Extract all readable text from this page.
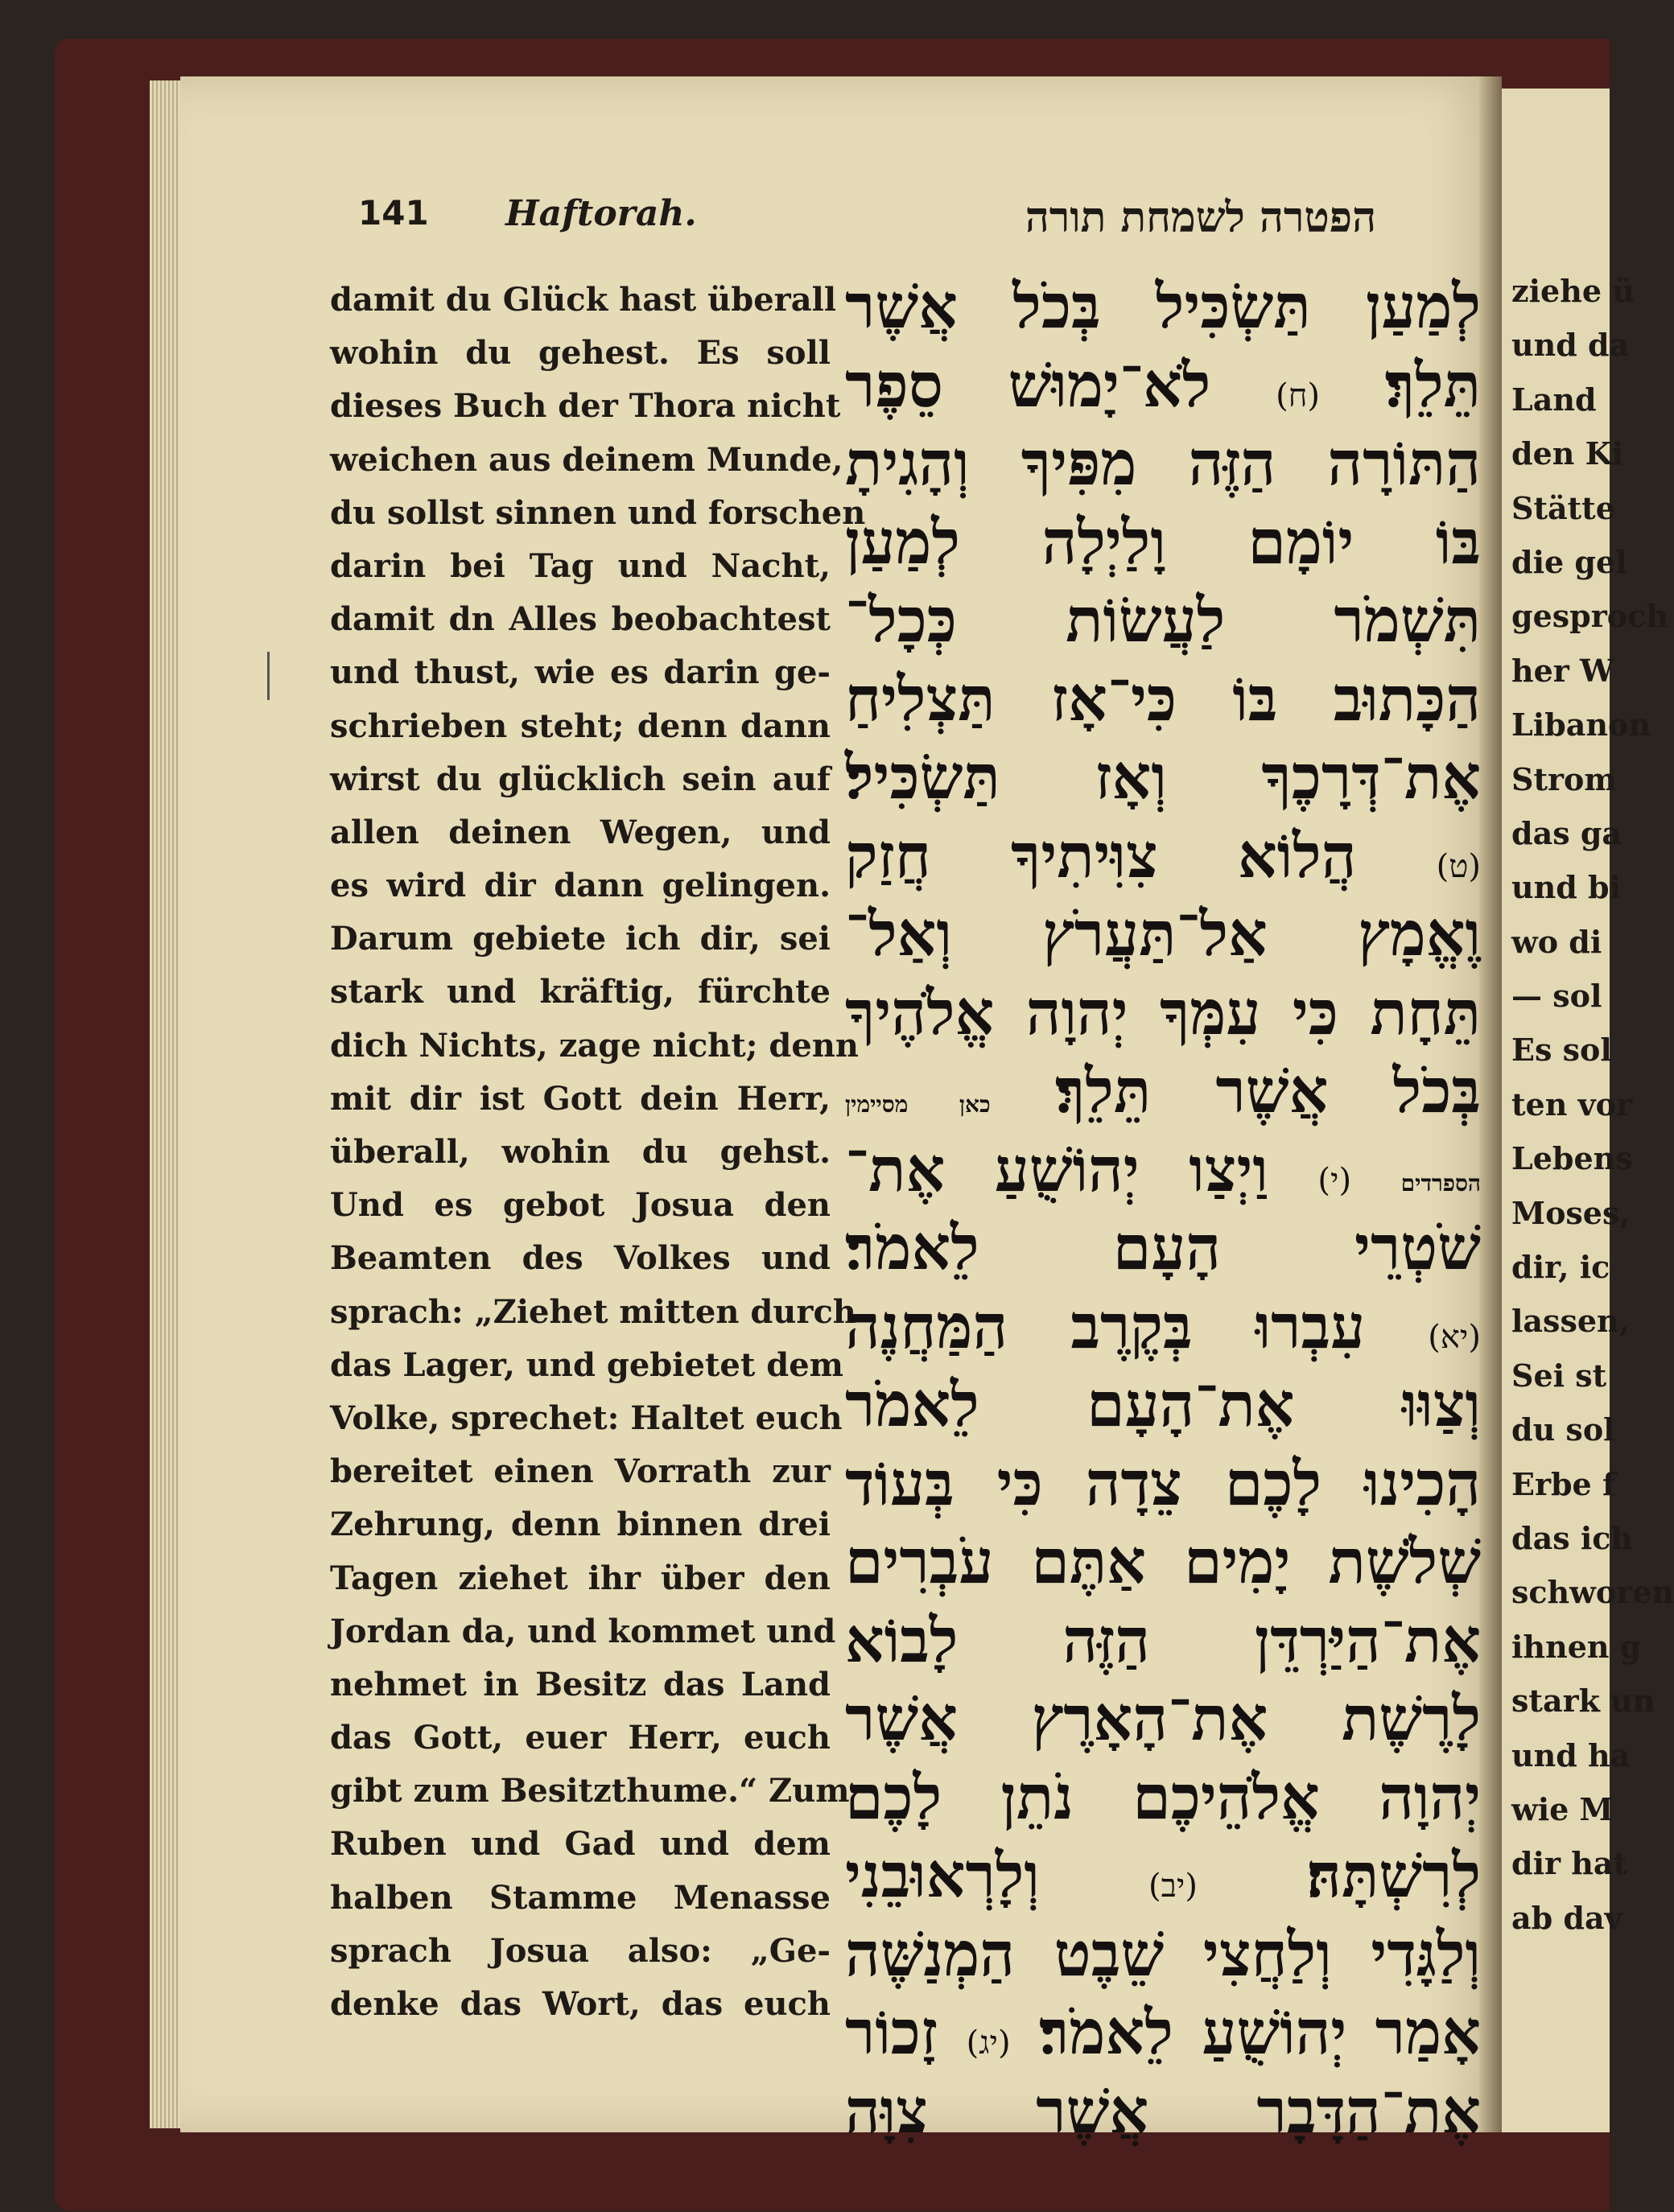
ziehe ü
und da
Land
den Ki
Stätte
die gel
gesproch
her W
Libanon
Strom
das ga
und bi
wo di
— sol
Es sol
ten vor
Lebens
Moses,
dir, ic
lassen,
Sei st
du sol
Erbe f
das ich
schworen
ihnen g
stark un
und ha
wie M
dir hat
ab dav
141 Haftorah.	הפטרה לשמחת תורה
damit du Glück hast überall
wohin du gehest. Es soll
dieses Buch der Thora nicht
weichen aus deinem Munde,
du sollst sinnen und forschen
darin bei Tag und Nacht,
damit dn Alles beobachtest
und thust, wie es darin ge-
schrieben steht; denn dann
wirst du glücklich sein auf
allen deinen Wegen, und
es wird dir dann gelingen.
Darum gebiete ich dir, sei
stark und kräftig, fürchte
dich Nichts, zage nicht; denn
mit dir ist Gott dein Herr,
überall, wohin du gehst.
Und es gebot Josua den
Beamten des Volkes und
sprach: „Ziehet mitten durch
das Lager, und gebietet dem
Volke, sprechet: Haltet euch
bereitet einen Vorrath zur
Zehrung, denn binnen drei
Tagen ziehet ihr über den
Jordan da, und kommet und
nehmet in Besitz das Land
das Gott, euer Herr, euch
gibt zum Besitzthume.“ Zum
Ruben und Gad und dem
halben Stamme Menasse
sprach Josua also: „Ge-
denke das Wort, das euch
לְמַעַן תַּשְׂכִּיל בְּכֹל אֲשֶׁר
תֵּלֵךְ׃ (ח) לֹא־יָמוּשׁ סֵפֶר
הַתּוֹרָה הַזֶּה מִפִּיךָ וְהָגִיתָ
בּוֹ יוֹמָם וָלַיְלָה לְמַעַן
תִּשְׁמֹר לַעֲשׂוֹת כְּכָל־
הַכָּתוּב בּוֹ כִּי־אָז תַּצְלִיחַ
אֶת־דְּרָכֶךָ וְאָז תַּשְׂכִּיל׃
(ט) הֲלוֹא צִוִּיתִיךָ חֲזַק
וֶאֱמָץ אַל־תַּעֲרֹץ וְאַל־
תֵּחָת כִּי עִמְּךָ יְהוָה אֱלֹהֶיךָ
בְּכֹל אֲשֶׁר תֵּלֵךְ׃ כאן מסיימין
הספרדים (י) וַיְצַו יְהוֹשֻׁעַ אֶת־
שֹׁטְרֵי הָעָם לֵאמֹר׃
(יא) עִבְרוּ בְּקֶרֶב הַמַּחֲנֶה
וְצַוּוּ אֶת־הָעָם לֵאמֹר
הָכִינוּ לָכֶם צֵדָה כִּי בְּעוֹד
שְׁלֹשֶׁת יָמִים אַתֶּם עֹבְרִים
אֶת־הַיַּרְדֵּן הַזֶּה לָבוֹא
לָרֶשֶׁת אֶת־הָאָרֶץ אֲשֶׁר
יְהוָה אֱלֹהֵיכֶם נֹתֵן לָכֶם
לְרִשְׁתָּהּ׃ (יב) וְלָרְאוּבֵנִי
וְלַגָּדִי וְלַחֲצִי שֵׁבֶט הַמְנַשֶּׁה
אָמַר יְהוֹשֻׁעַ לֵאמֹר׃ (יג) זָכוֹר
אֶת־הַדָּבָר אֲשֶׁר צִוָּה
